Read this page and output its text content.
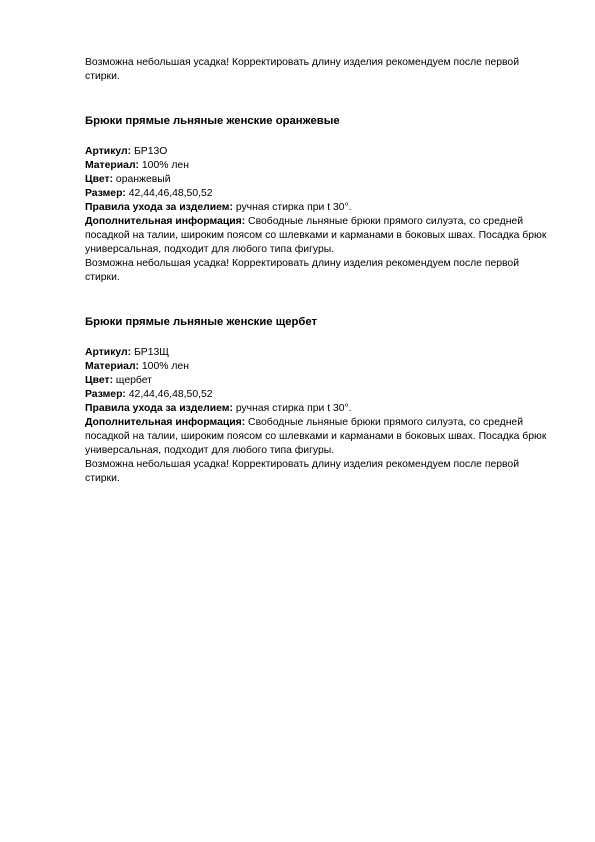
Возможна небольшая усадка! Корректировать длину изделия рекомендуем после первой стирки.

Брюки прямые льняные женские оранжевые

Артикул: БР13О

Материал: 100% лен

Цвет: оранжевый

Размер: 42,44,46,48,50,52

Правила ухода за изделием: ручная стирка при t 30°.

Дополнительная информация: Свободные льняные брюки прямого силуэта, со средней посадкой на талии, широким поясом со шлевками и карманами в боковых швах. Посадка брюк универсальная, подходит для любого типа фигуры.

Возможна небольшая усадка! Корректировать длину изделия рекомендуем после первой стирки.

Брюки прямые льняные женские щербет

Артикул: БР13Щ

Материал: 100% лен

Цвет: щербет

Размер: 42,44,46,48,50,52

Правила ухода за изделием: ручная стирка при t 30°.

Дополнительная информация: Свободные льняные брюки прямого силуэта, со средней посадкой на талии, широким поясом со шлевками и карманами в боковых швах. Посадка брюк универсальная, подходит для любого типа фигуры.

Возможна небольшая усадка! Корректировать длину изделия рекомендуем после первой стирки.
